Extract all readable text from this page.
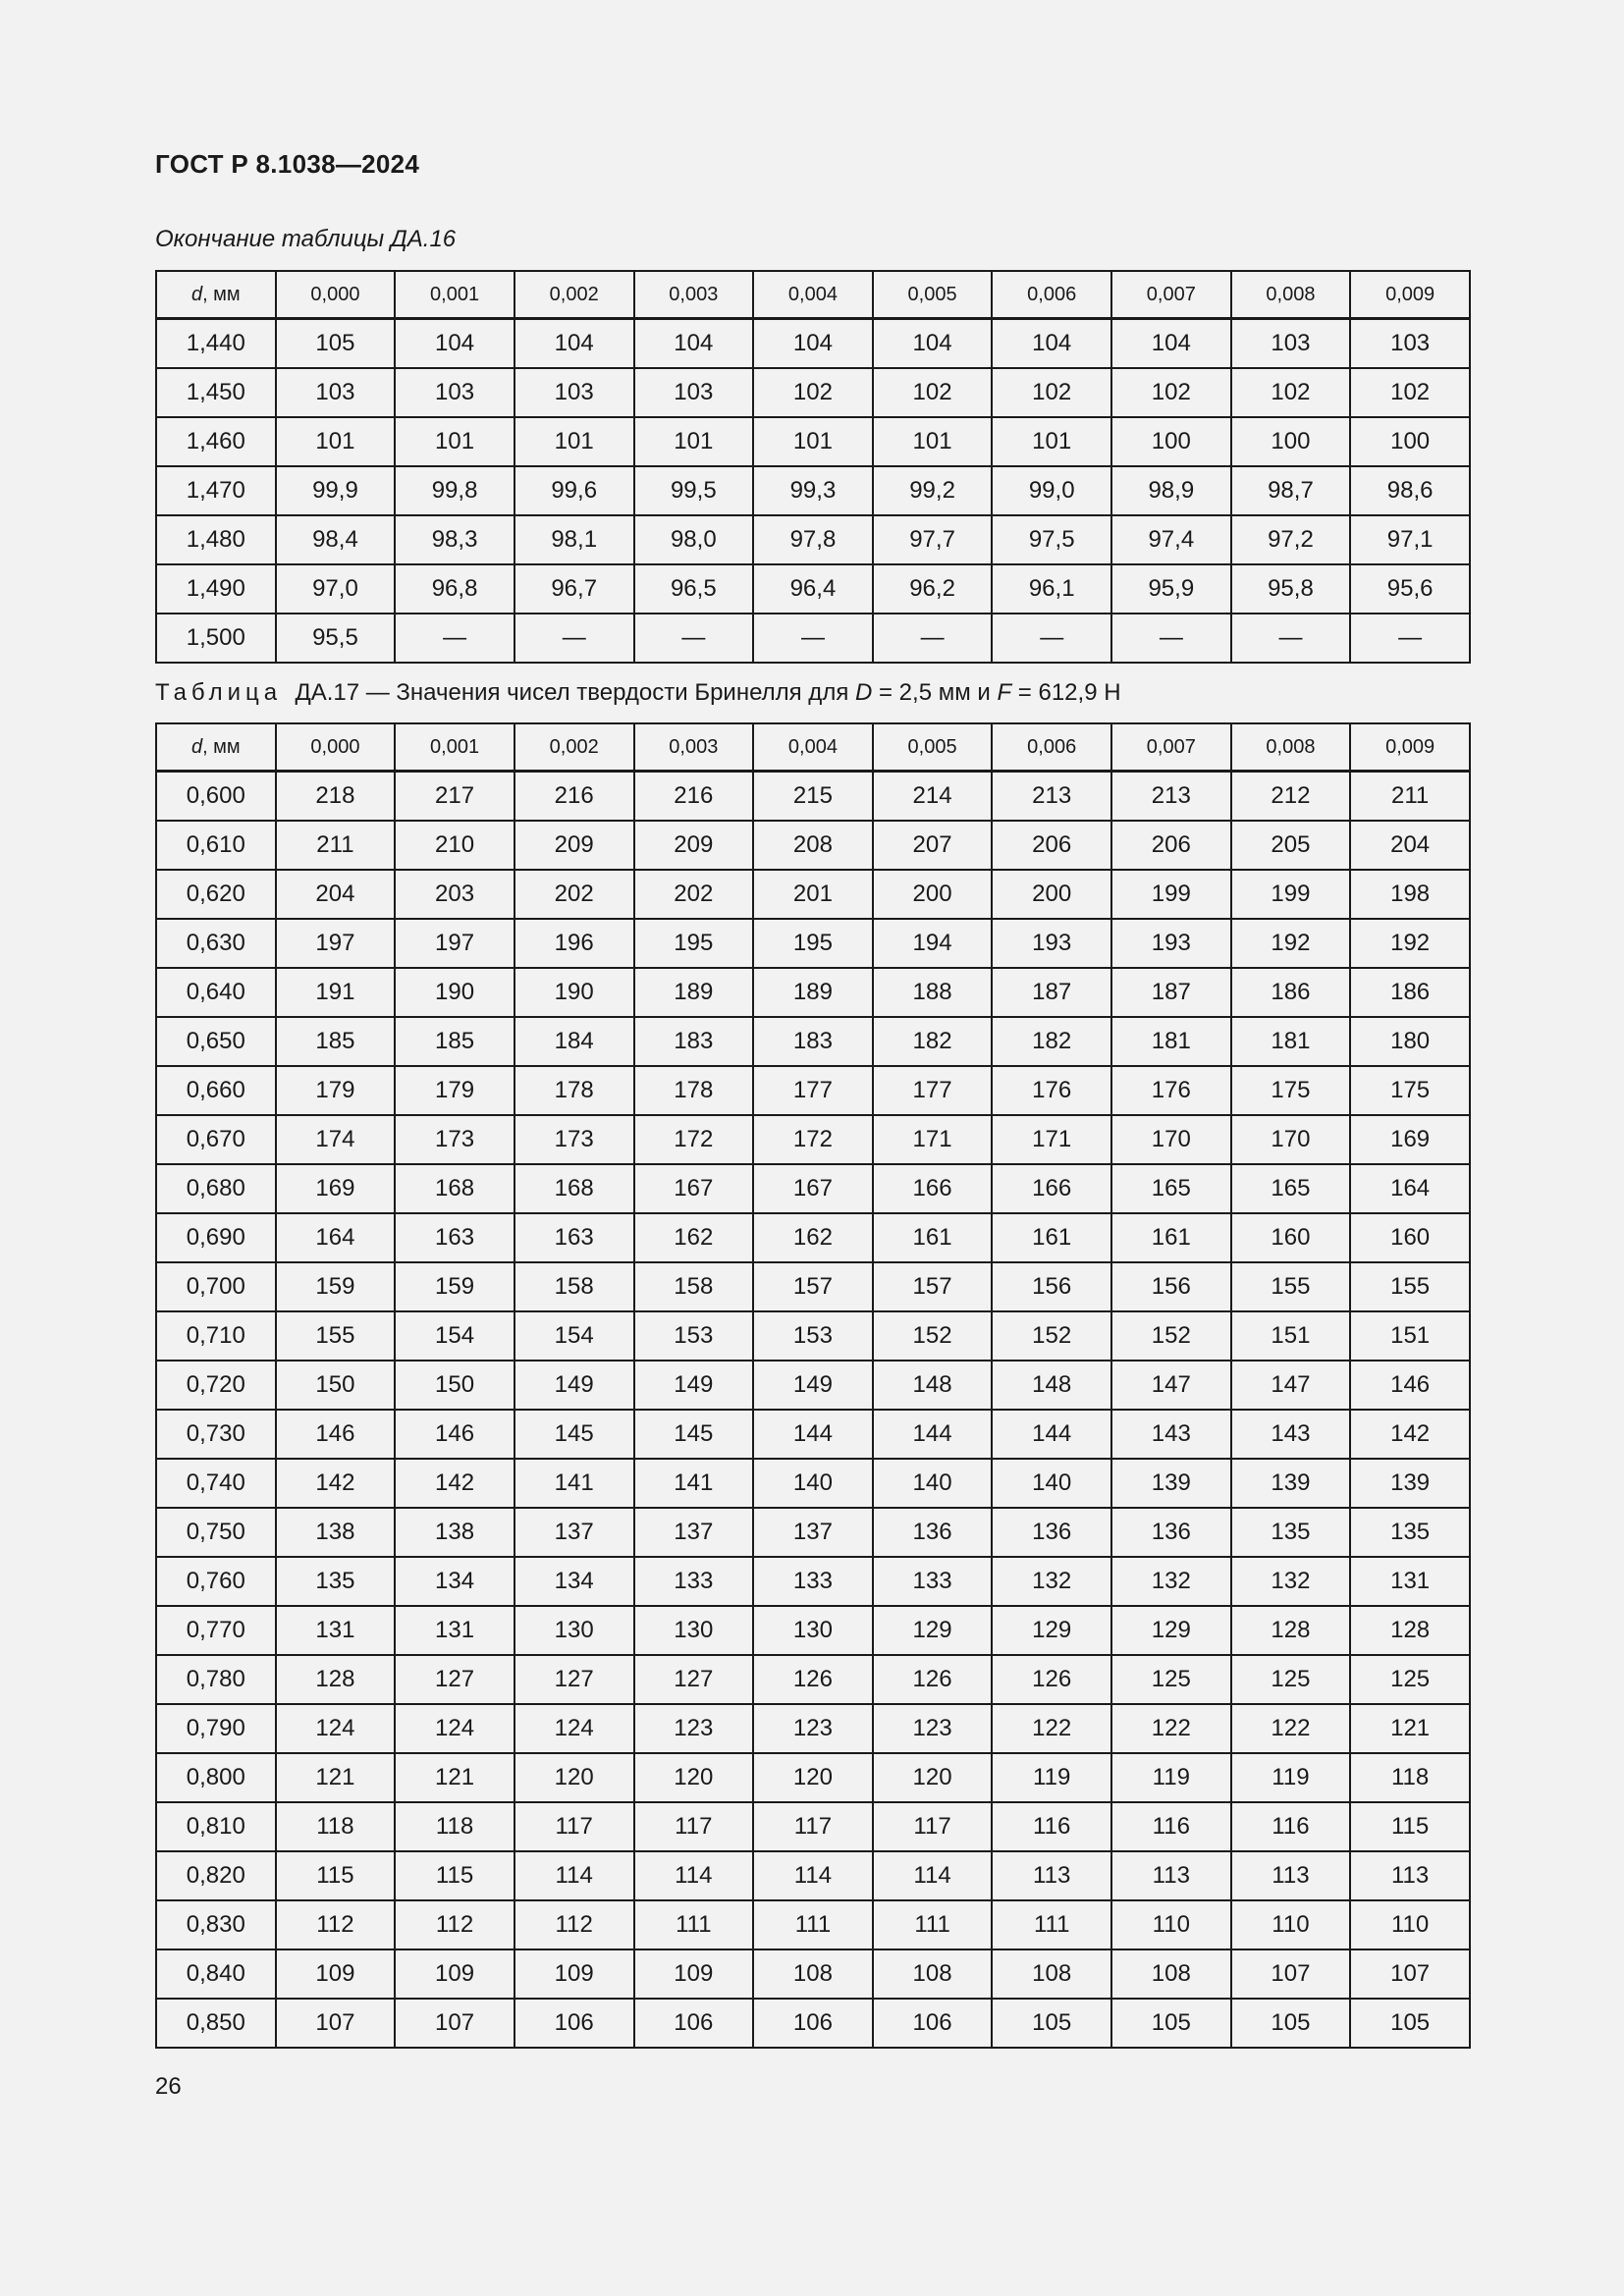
ГОСТ Р 8.1038—2024
Окончание таблицы ДА.16
d, мм	0,000	0,001	0,002	0,003	0,004	0,005	0,006	0,007	0,008	0,009
1,440	105	104	104	104	104	104	104	104	103	103
1,450	103	103	103	103	102	102	102	102	102	102
1,460	101	101	101	101	101	101	101	100	100	100
1,470	99,9	99,8	99,6	99,5	99,3	99,2	99,0	98,9	98,7	98,6
1,480	98,4	98,3	98,1	98,0	97,8	97,7	97,5	97,4	97,2	97,1
1,490	97,0	96,8	96,7	96,5	96,4	96,2	96,1	95,9	95,8	95,6
1,500	95,5	—	—	—	—	—	—	—	—	—
Таблица ДА.17 — Значения чисел твердости Бринелля для D = 2,5 мм и F = 612,9 Н
d, мм	0,000	0,001	0,002	0,003	0,004	0,005	0,006	0,007	0,008	0,009
0,600	218	217	216	216	215	214	213	213	212	211
0,610	211	210	209	209	208	207	206	206	205	204
0,620	204	203	202	202	201	200	200	199	199	198
0,630	197	197	196	195	195	194	193	193	192	192
0,640	191	190	190	189	189	188	187	187	186	186
0,650	185	185	184	183	183	182	182	181	181	180
0,660	179	179	178	178	177	177	176	176	175	175
0,670	174	173	173	172	172	171	171	170	170	169
0,680	169	168	168	167	167	166	166	165	165	164
0,690	164	163	163	162	162	161	161	161	160	160
0,700	159	159	158	158	157	157	156	156	155	155
0,710	155	154	154	153	153	152	152	152	151	151
0,720	150	150	149	149	149	148	148	147	147	146
0,730	146	146	145	145	144	144	144	143	143	142
0,740	142	142	141	141	140	140	140	139	139	139
0,750	138	138	137	137	137	136	136	136	135	135
0,760	135	134	134	133	133	133	132	132	132	131
0,770	131	131	130	130	130	129	129	129	128	128
0,780	128	127	127	127	126	126	126	125	125	125
0,790	124	124	124	123	123	123	122	122	122	121
0,800	121	121	120	120	120	120	119	119	119	118
0,810	118	118	117	117	117	117	116	116	116	115
0,820	115	115	114	114	114	114	113	113	113	113
0,830	112	112	112	111	111	111	111	110	110	110
0,840	109	109	109	109	108	108	108	108	107	107
0,850	107	107	106	106	106	106	105	105	105	105
26
